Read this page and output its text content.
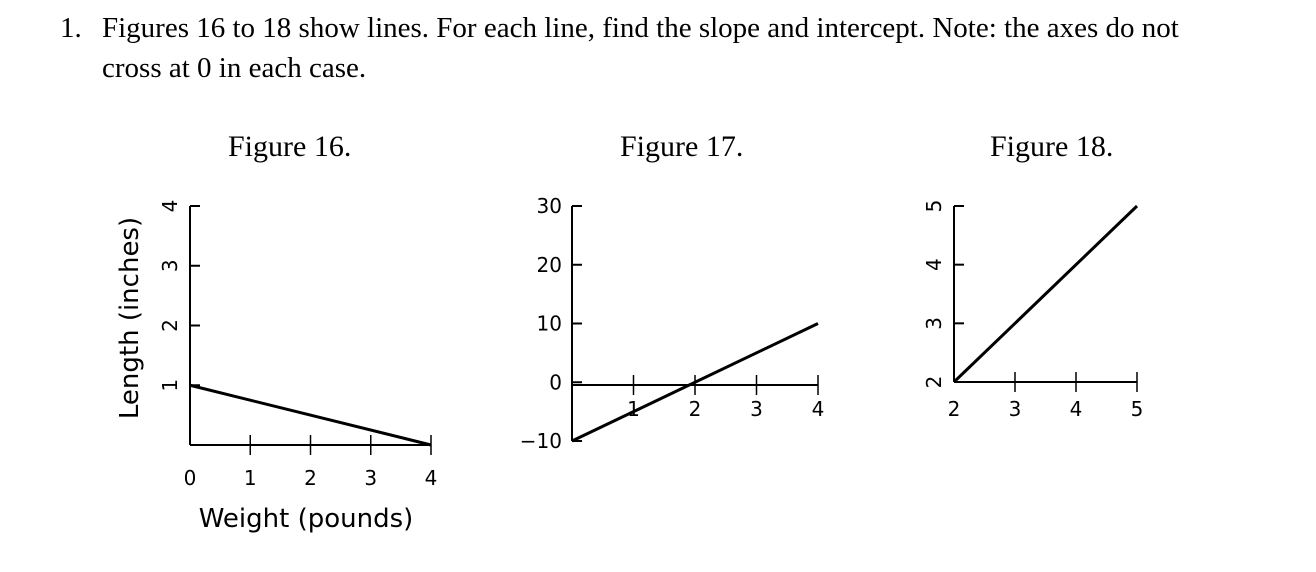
1. Figures 16 to 18 show lines. For each line, find the slope and intercept. Note: the axes do not cross at 0 in each case.
Figure 16.	Figure 17.	Figure 18.
1
2
3
4
0 1 2 3 4
Weight (pounds)
Length (inches)
−10
0
10
20
30
1 2 3 4
2
3
4
5
2 3 4 5
